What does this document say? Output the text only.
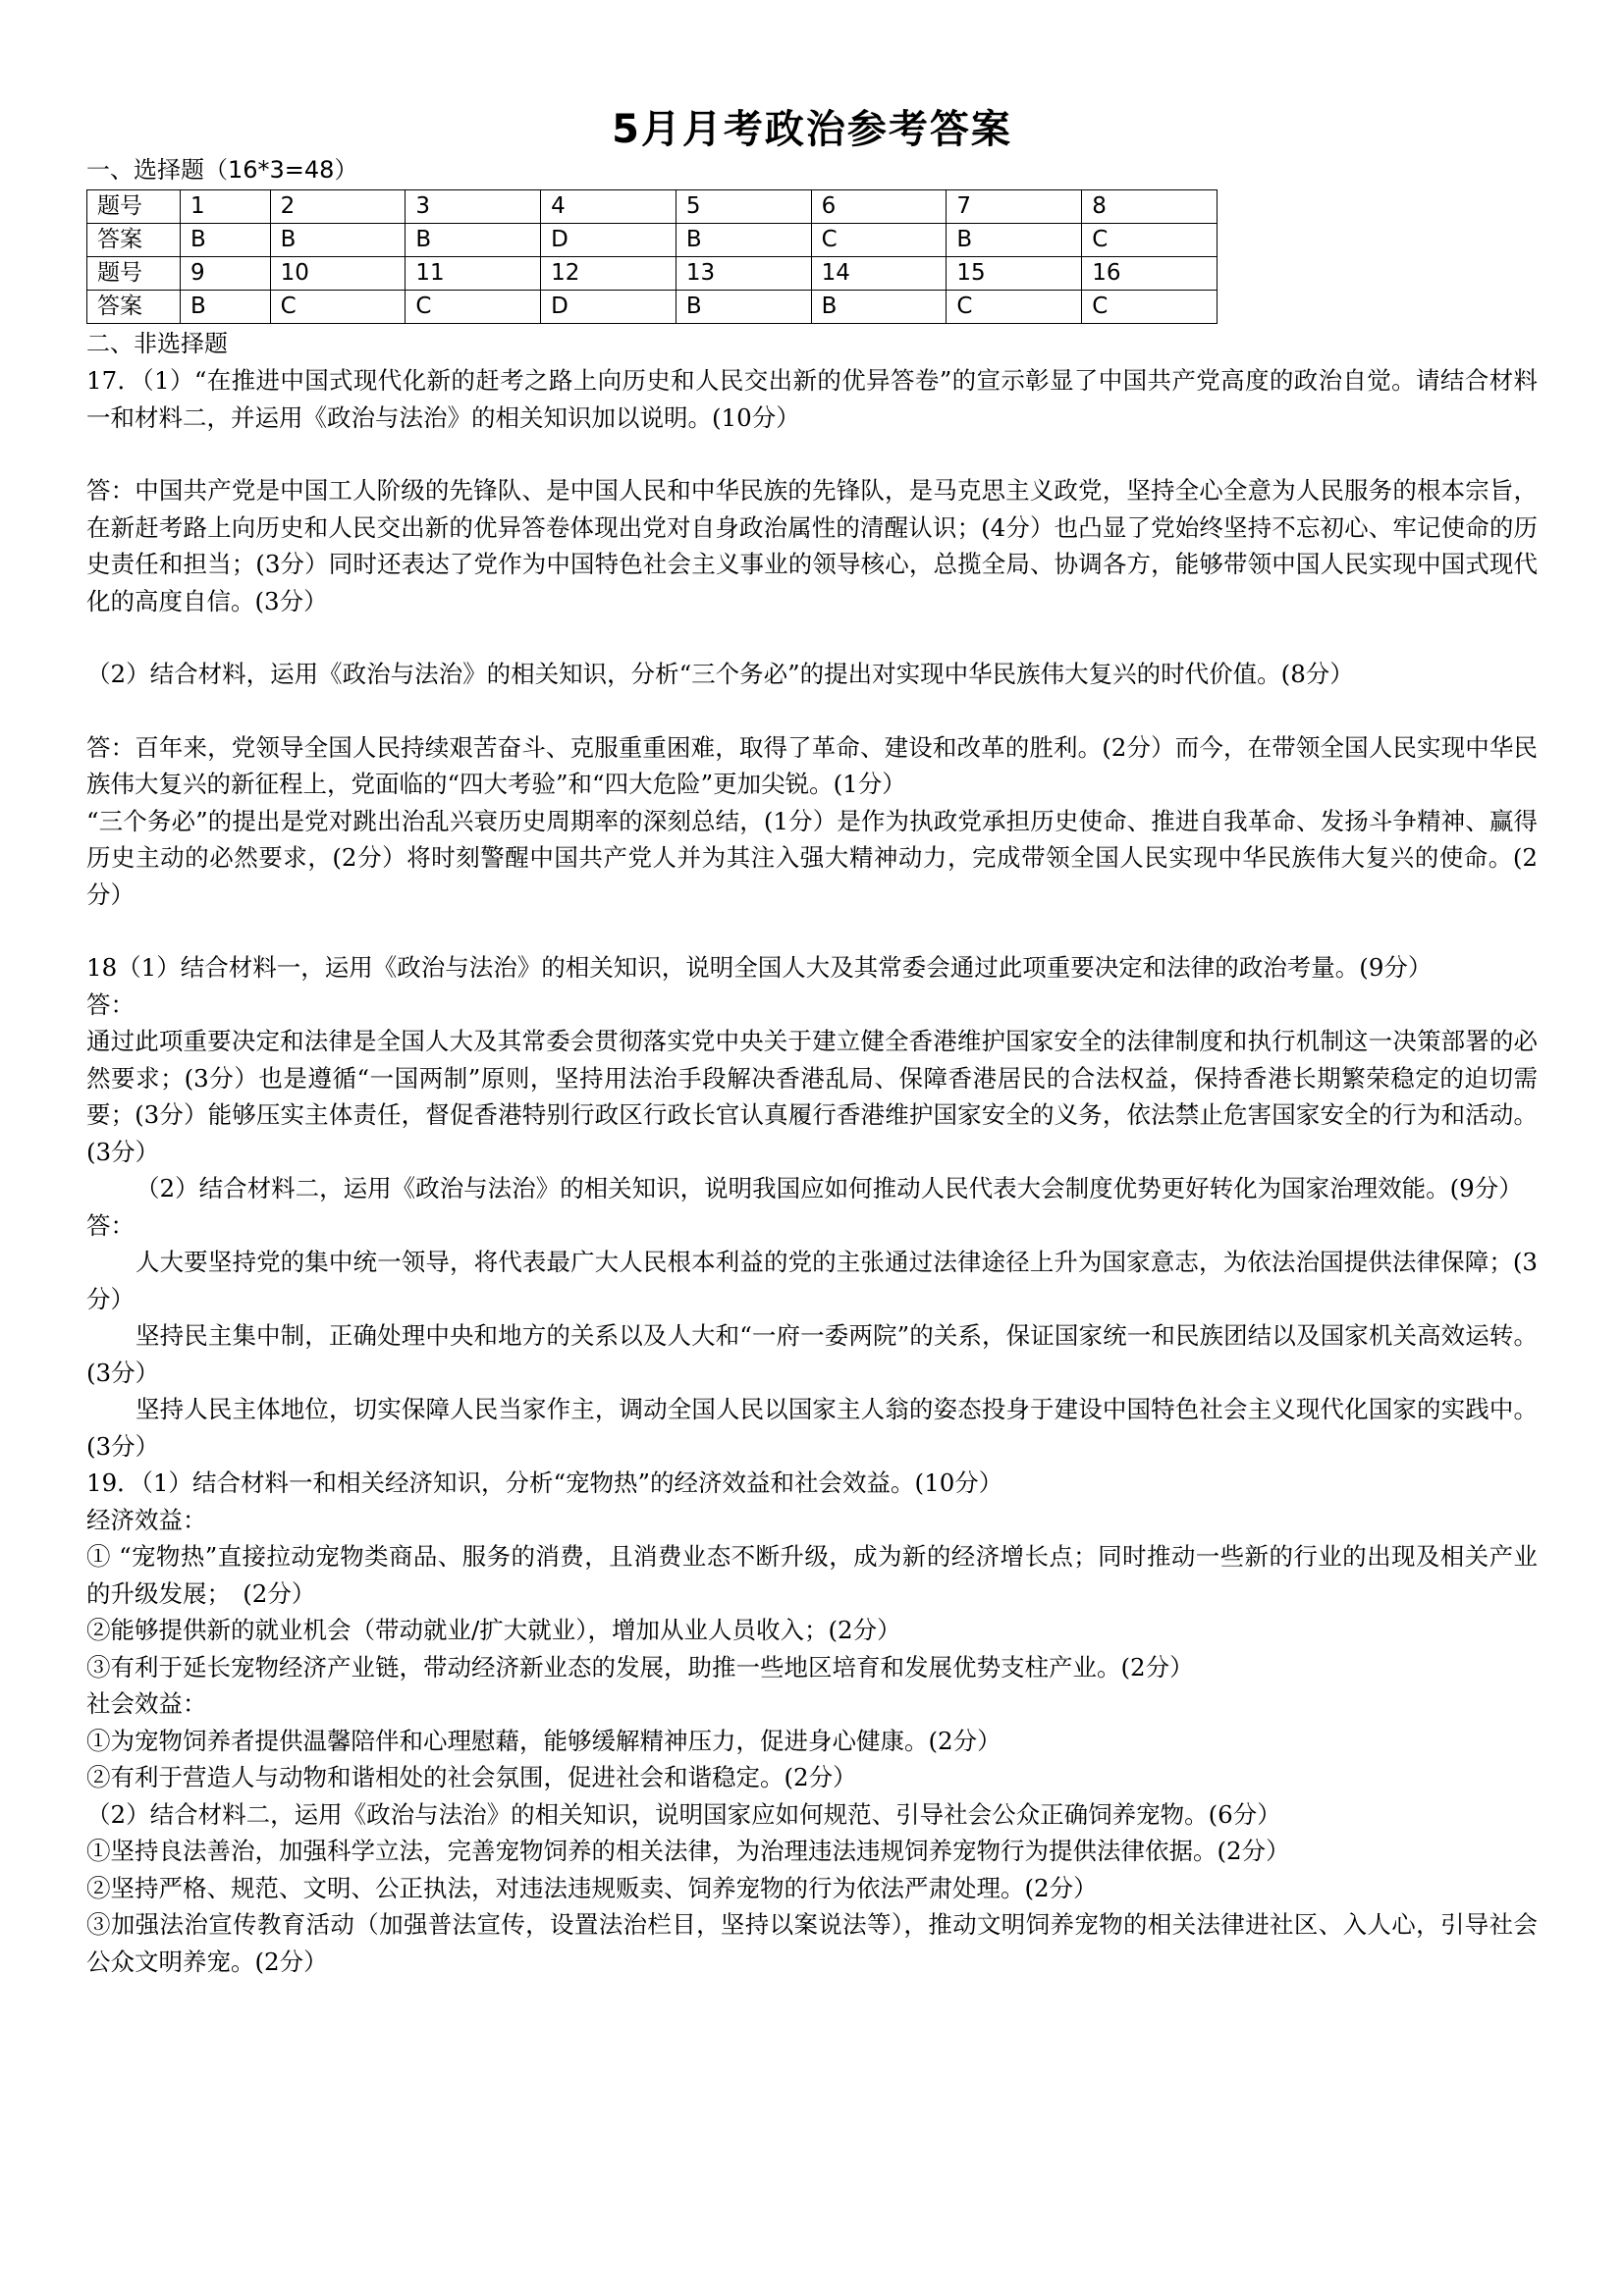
5月月考政治参考答案
一、选择题（16*3=48）
题号	1	2	3	4	5	6	7	8
答案	B	B	B	D	B	C	B	C
题号	9	10	11	12	13	14	15	16
答案	B	C	C	D	B	B	C	C
二、非选择题

17．（1）“在推进中国式现代化新的赶考之路上向历史和人民交出新的优异答卷”的宣示彰显了中国共产党高度的政治自觉。请结合材料一和材料二，并运用《政治与法治》的相关知识加以说明。(10分）

答：中国共产党是中国工人阶级的先锋队、是中国人民和中华民族的先锋队，是马克思主义政党，坚持全心全意为人民服务的根本宗旨，在新赶考路上向历史和人民交出新的优异答卷体现出党对自身政治属性的清醒认识；(4分）也凸显了党始终坚持不忘初心、牢记使命的历史责任和担当；(3分）同时还表达了党作为中国特色社会主义事业的领导核心，总揽全局、协调各方，能够带领中国人民实现中国式现代化的高度自信。(3分）

（2）结合材料，运用《政治与法治》的相关知识，分析“三个务必”的提出对实现中华民族伟大复兴的时代价值。(8分）

答：百年来，党领导全国人民持续艰苦奋斗、克服重重困难，取得了革命、建设和改革的胜利。(2分）而今，在带领全国人民实现中华民族伟大复兴的新征程上，党面临的“四大考验”和“四大危险”更加尖锐。(1分）

“三个务必”的提出是党对跳出治乱兴衰历史周期率的深刻总结，(1分）是作为执政党承担历史使命、推进自我革命、发扬斗争精神、赢得历史主动的必然要求，(2分）将时刻警醒中国共产党人并为其注入强大精神动力，完成带领全国人民实现中华民族伟大复兴的使命。(2分）

18（1）结合材料一，运用《政治与法治》的相关知识，说明全国人大及其常委会通过此项重要决定和法律的政治考量。(9分）

答：

通过此项重要决定和法律是全国人大及其常委会贯彻落实党中央关于建立健全香港维护国家安全的法律制度和执行机制这一决策部署的必然要求；(3分）也是遵循“一国两制”原则，坚持用法治手段解决香港乱局、保障香港居民的合法权益，保持香港长期繁荣稳定的迫切需要；(3分）能够压实主体责任，督促香港特别行政区行政长官认真履行香港维护国家安全的义务，依法禁止危害国家安全的行为和活动。(3分）

（2）结合材料二，运用《政治与法治》的相关知识，说明我国应如何推动人民代表大会制度优势更好转化为国家治理效能。(9分）

答：

人大要坚持党的集中统一领导，将代表最广大人民根本利益的党的主张通过法律途径上升为国家意志，为依法治国提供法律保障；(3分）

坚持民主集中制，正确处理中央和地方的关系以及人大和“一府一委两院”的关系，保证国家统一和民族团结以及国家机关高效运转。(3分）

坚持人民主体地位，切实保障人民当家作主，调动全国人民以国家主人翁的姿态投身于建设中国特色社会主义现代化国家的实践中。(3分）

19．（1）结合材料一和相关经济知识，分析“宠物热”的经济效益和社会效益。(10分）

经济效益：

① “宠物热”直接拉动宠物类商品、服务的消费，且消费业态不断升级，成为新的经济增长点；同时推动一些新的行业的出现及相关产业的升级发展；　(2分）

②能够提供新的就业机会（带动就业/扩大就业），增加从业人员收入；(2分）

③有利于延长宠物经济产业链，带动经济新业态的发展，助推一些地区培育和发展优势支柱产业。(2分）

社会效益：

①为宠物饲养者提供温馨陪伴和心理慰藉，能够缓解精神压力，促进身心健康。(2分）

②有利于营造人与动物和谐相处的社会氛围，促进社会和谐稳定。(2分）

（2）结合材料二，运用《政治与法治》的相关知识，说明国家应如何规范、引导社会公众正确饲养宠物。(6分）

①坚持良法善治，加强科学立法，完善宠物饲养的相关法律，为治理违法违规饲养宠物行为提供法律依据。(2分）

②坚持严格、规范、文明、公正执法，对违法违规贩卖、饲养宠物的行为依法严肃处理。(2分）

③加强法治宣传教育活动（加强普法宣传，设置法治栏目，坚持以案说法等），推动文明饲养宠物的相关法律进社区、入人心，引导社会公众文明养宠。(2分）
